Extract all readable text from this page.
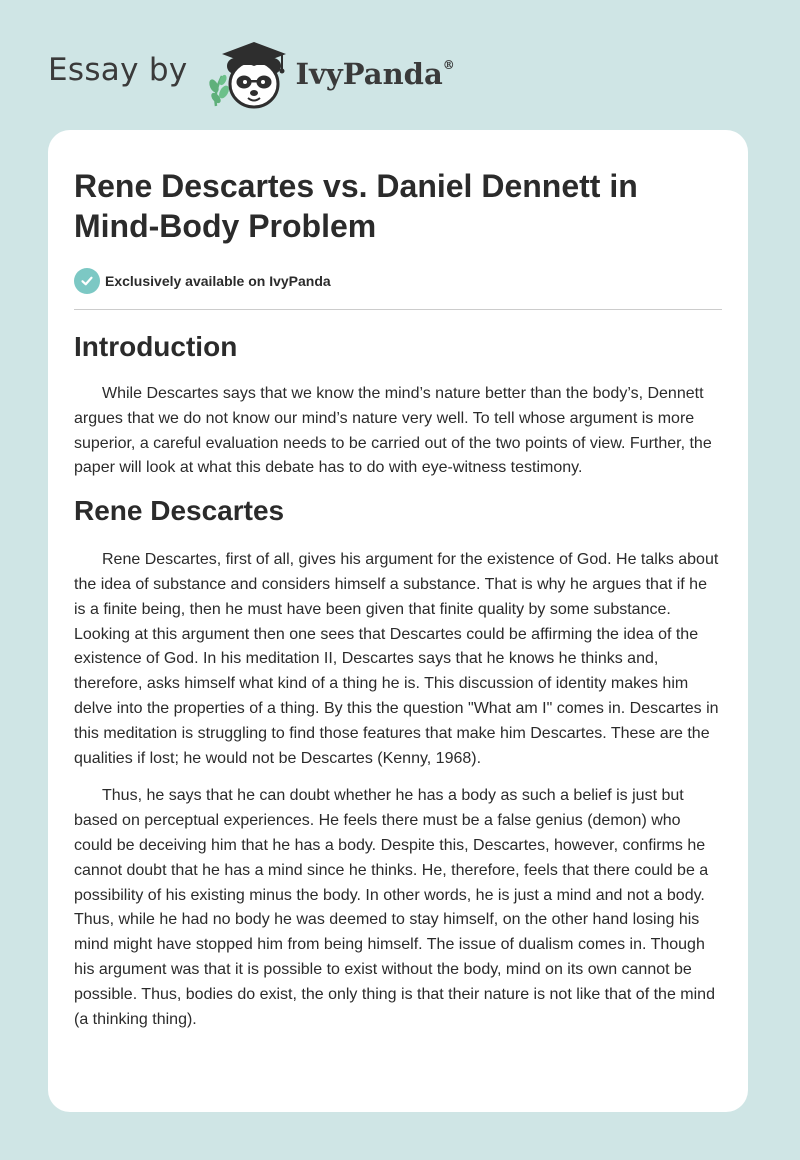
Essay by	IvyPanda®
Rene Descartes vs. Daniel Dennett in Mind-Body Problem
Exclusively available on IvyPanda
Introduction

While Descartes says that we know the mind’s nature better than the body’s, Dennett argues that we do not know our mind’s nature very well. To tell whose argument is more superior, a careful evaluation needs to be carried out of the two points of view. Further, the paper will look at what this debate has to do with eye-witness testimony.

Rene Descartes

Rene Descartes, first of all, gives his argument for the existence of God. He talks about the idea of substance and considers himself a substance. That is why he argues that if he is a finite being, then he must have been given that finite quality by some substance. Looking at this argument then one sees that Descartes could be affirming the idea of the existence of God. In his meditation II, Descartes says that he knows he thinks and, therefore, asks himself what kind of a thing he is. This discussion of identity makes him delve into the properties of a thing. By this the question "What am I" comes in. Descartes in this meditation is struggling to find those features that make him Descartes. These are the qualities if lost; he would not be Descartes (Kenny, 1968).

Thus, he says that he can doubt whether he has a body as such a belief is just but based on perceptual experiences. He feels there must be a false genius (demon) who could be deceiving him that he has a body. Despite this, Descartes, however, confirms he cannot doubt that he has a mind since he thinks. He, therefore, feels that there could be a possibility of his existing minus the body. In other words, he is just a mind and not a body. Thus, while he had no body he was deemed to stay himself, on the other hand losing his mind might have stopped him from being himself. The issue of dualism comes in. Though his argument was that it is possible to exist without the body, mind on its own cannot be possible. Thus, bodies do exist, the only thing is that their nature is not like that of the mind (a thinking thing).
